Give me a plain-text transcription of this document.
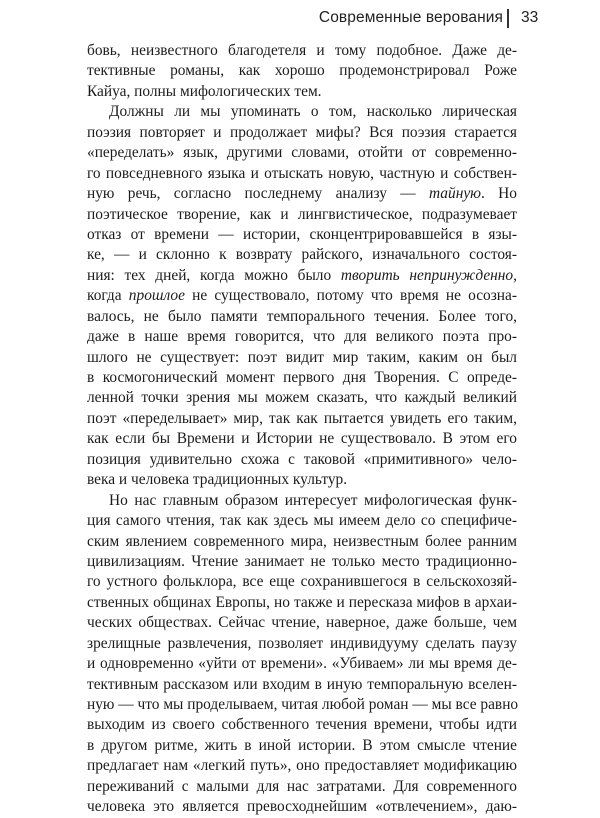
Современные верования 33
бовь, неизвестного благодетеля и тому подобное. Даже де-
тективные романы, как хорошо продемонстрировал Роже
Кайуа, полны мифологических тем.
Должны ли мы упоминать о том, насколько лирическая
поэзия повторяет и продолжает мифы? Вся поэзия старается
«переделать» язык, другими словами, отойти от современно-
го повседневного языка и отыскать новую, частную и собствен-
ную речь, согласно последнему анализу — тайную. Но
поэтическое творение, как и лингвистическое, подразумевает
отказ от времени — истории, сконцентрировавшейся в язы-
ке, — и склонно к возврату райского, изначального состоя-
ния: тех дней, когда можно было творить непринужденно,
когда прошлое не существовало, потому что время не осозна-
валось, не было памяти темпорального течения. Более того,
даже в наше время говорится, что для великого поэта про-
шлого не существует: поэт видит мир таким, каким он был
в космогонический момент первого дня Творения. С опреде-
ленной точки зрения мы можем сказать, что каждый великий
поэт «переделывает» мир, так как пытается увидеть его таким,
как если бы Времени и Истории не существовало. В этом его
позиция удивительно схожа с таковой «примитивного» чело-
века и человека традиционных культур.
Но нас главным образом интересует мифологическая функ-
ция самого чтения, так как здесь мы имеем дело со специфиче-
ским явлением современного мира, неизвестным более ранним
цивилизациям. Чтение занимает не только место традиционно-
го устного фольклора, все еще сохранившегося в сельскохозяй-
ственных общинах Европы, но также и пересказа мифов в архаи-
ческих обществах. Сейчас чтение, наверное, даже больше, чем
зрелищные развлечения, позволяет индивидууму сделать паузу
и одновременно «уйти от времени». «Убиваем» ли мы время де-
тективным рассказом или входим в иную темпоральную вселен-
ную — что мы проделываем, читая любой роман — мы все равно
выходим из своего собственного течения времени, чтобы идти
в другом ритме, жить в иной истории. В этом смысле чтение
предлагает нам «легкий путь», оно предоставляет модификацию
переживаний с малыми для нас затратами. Для современного
человека это является превосходнейшим «отвлечением», даю-
